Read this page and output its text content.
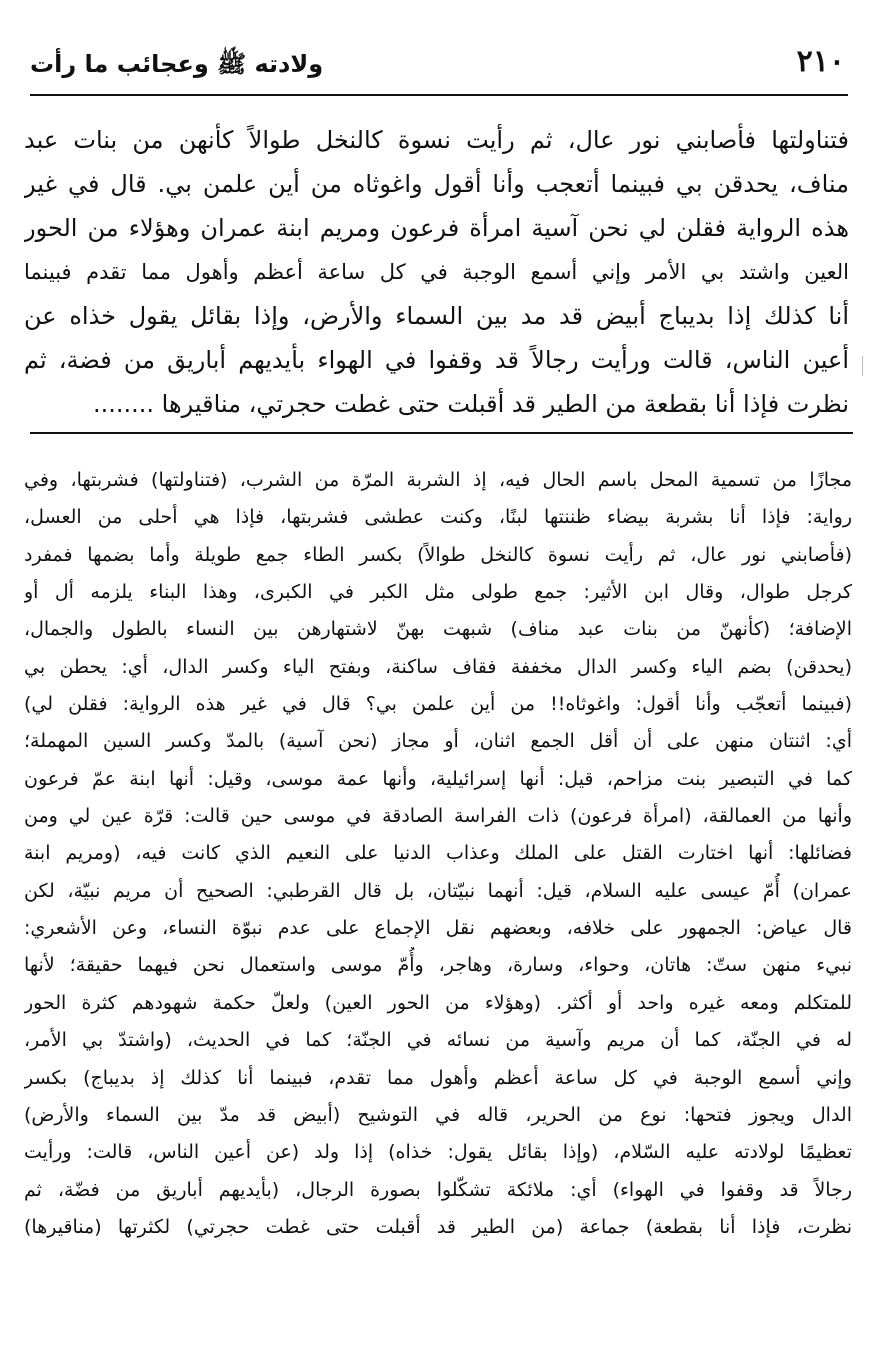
٢١٠
ولادته ﷺ وعجائب ما رأت
فتناولتها فأصابني نور عال، ثم رأيت نسوة كالنخل طوالاً كأنهن من بنات عبد
مناف، يحدقن بي فبينما أتعجب وأنا أقول واغوثاه من أين علمن بي. قال في غير
هذه الرواية فقلن لي نحن آسية امرأة فرعون ومريم ابنة عمران وهؤلاء من الحور
العين واشتد بي الأمر وإني أسمع الوجبة في كل ساعة أعظم وأهول مما تقدم فبينما
أنا كذلك إذا بديباج أبيض قد مد بين السماء والأرض، وإذا بقائل يقول خذاه عن
أعين الناس، قالت ورأيت رجالاً قد وقفوا في الهواء بأيديهم أباريق من فضة، ثم
نظرت فإذا أنا بقطعة من الطير قد أقبلت حتى غطت حجرتي، مناقيرها ........
مجازًا من تسمية المحل باسم الحال فيه، إذ الشربة المرّة من الشرب، (فتناولتها) فشربتها، وفي
رواية: فإذا أنا بشربة بيضاء ظننتها لبنًا، وكنت عطشى فشربتها، فإذا هي أحلى من العسل،
(فأصابني نور عال، ثم رأيت نسوة كالنخل طوالاً) بكسر الطاء جمع طويلة وأما بضمها فمفرد
كرجل طوال، وقال ابن الأثير: جمع طولى مثل الكبر في الكبرى، وهذا البناء يلزمه أل أو
الإضافة؛ (كأنهنّ من بنات عبد مناف) شبهت بهنّ لاشتهارهن بين النساء بالطول والجمال،
(يحدقن) بضم الياء وكسر الدال مخففة فقاف ساكنة، وبفتح الياء وكسر الدال، أي: يحطن بي
(فبينما أتعجّب وأنا أقول: واغوثاه!! من أين علمن بي؟ قال في غير هذه الرواية: فقلن لي)
أي: اثنتان منهن على أن أقل الجمع اثنان، أو مجاز (نحن آسية) بالمدّ وكسر السين المهملة؛
كما في التبصير بنت مزاحم، قيل: أنها إسرائيلية، وأنها عمة موسى، وقيل: أنها ابنة عمّ فرعون
وأنها من العمالقة، (امرأة فرعون) ذات الفراسة الصادقة في موسى حين قالت: قرّة عين لي ومن
فضائلها: أنها اختارت القتل على الملك وعذاب الدنيا على النعيم الذي كانت فيه، (ومريم ابنة
عمران) أُمّ عيسى عليه السلام، قيل: أنهما نبيّتان، بل قال القرطبي: الصحيح أن مريم نبيّة، لكن
قال عياض: الجمهور على خلافه، وبعضهم نقل الإجماع على عدم نبوّة النساء، وعن الأشعري:
نبيء منهن ستّ: هاتان، وحواء، وسارة، وهاجر، وأُمّ موسى واستعمال نحن فيهما حقيقة؛ لأنها
للمتكلم ومعه غيره واحد أو أكثر. (وهؤلاء من الحور العين) ولعلّ حكمة شهودهم كثرة الحور
له في الجنّة، كما أن مريم وآسية من نسائه في الجنّة؛ كما في الحديث، (واشتدّ بي الأمر،
وإني أسمع الوجبة في كل ساعة أعظم وأهول مما تقدم، فبينما أنا كذلك إذ بديباج) بكسر
الدال ويجوز فتحها: نوع من الحرير، قاله في التوشيح (أبيض قد مدّ بين السماء والأرض)
تعظيمًا لولادته عليه السّلام، (وإذا بقائل يقول: خذاه) إذا ولد (عن أعين الناس، قالت: ورأيت
رجالاً قد وقفوا في الهواء) أي: ملائكة تشكّلوا بصورة الرجال، (بأيديهم أباريق من فضّة، ثم
نظرت، فإذا أنا بقطعة) جماعة (من الطير قد أقبلت حتى غطت حجرتي) لكثرتها (مناقيرها)
